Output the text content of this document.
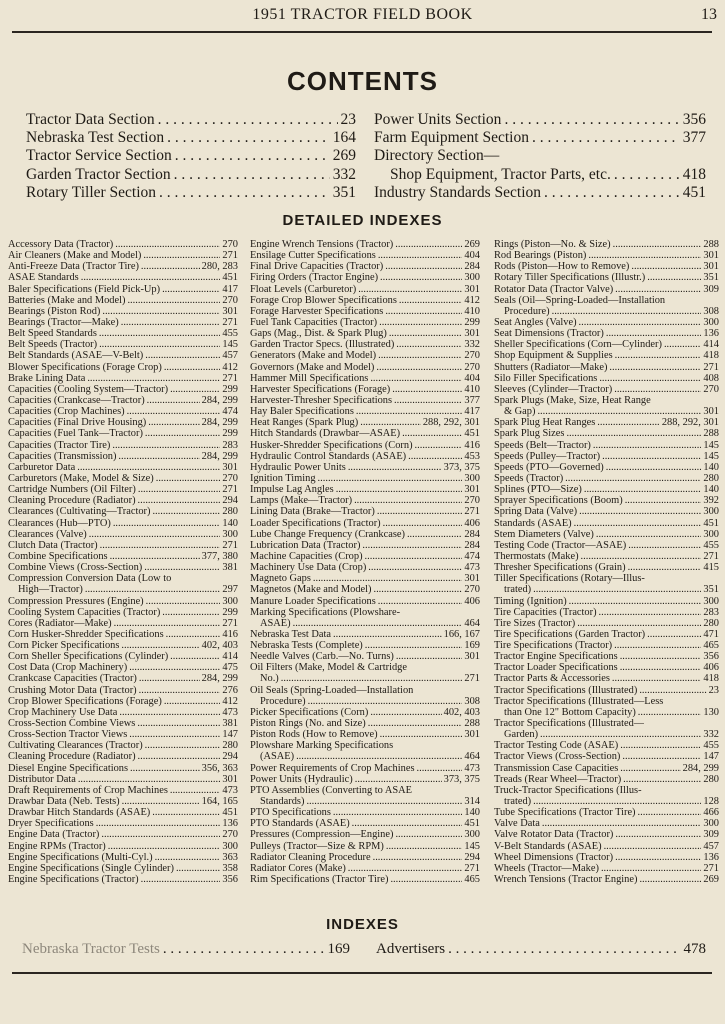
1951 TRACTOR FIELD BOOK	13
CONTENTS
Tractor Data Section . . .	23
Nebraska Test Section . . .	164
Tractor Service Section . . .	269
Garden Tractor Section . . .	332
Rotary Tiller Section . . .	351
Power Units Section . . .	356
Farm Equipment Section . . .	377
Directory Section—
Shop Equipment, Tractor Parts, etc. . . .	418
Industry Standards Section . . .	451
DETAILED INDEXES
Accessory Data (Tractor) .....	270
Air Cleaners (Make and Model) .....	271
Anti-Freeze Data (Tractor Tire) .....	280, 283
ASAE Standards .....	451
Baler Specifications (Field Pick-Up) .....	417
Batteries (Make and Model) .....	270
Bearings (Piston Rod) .....	301
Bearings (Tractor—Make) .....	271
Belt Speed Standards .....	455
Belt Speeds (Tractor) .....	145
Belt Standards (ASAE—V-Belt) .....	457
Blower Specifications (Forage Crop) .....	412
Brake Lining Data .....	271
Capacities (Cooling System—Tractor) .....	299
Capacities (Crankcase—Tractor) .....	284, 299
Capacities (Crop Machines) .....	474
Capacities (Final Drive Housing) .....	284, 299
Capacities (Fuel Tank—Tractor) .....	299
Capacities (Tractor Tire) .....	283
Capacities (Transmission) .....	284, 299
Carburetor Data .....	301
Carburetors (Make, Model & Size) .....	270
Cartridge Numbers (Oil Filter) .....	271
Cleaning Procedure (Radiator) .....	294
Clearances (Cultivating—Tractor) .....	280
Clearances (Hub—PTO) .....	140
Clearances (Valve) .....	300
Clutch Data (Tractor) .....	271
Combine Specifications .....	377, 380
Combine Views (Cross-Section) .....	381
Compression Conversion Data (Low to
High—Tractor) .....	297
Compression Pressures (Engine) .....	300
Cooling System Capacities (Tractor) .....	299
Cores (Radiator—Make) .....	271
Corn Husker-Shredder Specifications .....	416
Corn Picker Specifications .....	402, 403
Corn Sheller Specifications (Cylinder) .....	414
Cost Data (Crop Machinery) .....	475
Crankcase Capacities (Tractor) .....	284, 299
Crushing Motor Data (Tractor) .....	276
Crop Blower Specifications (Forage) .....	412
Crop Machinery Use Data .....	473
Cross-Section Combine Views .....	381
Cross-Section Tractor Views .....	147
Cultivating Clearances (Tractor) .....	280
Cleaning Procedure (Radiator) .....	294
Diesel Engine Specifications .....	356, 363
Distributor Data .....	301
Draft Requirements of Crop Machines .....	473
Drawbar Data (Neb. Tests) .....	164, 165
Drawbar Hitch Standards (ASAE) .....	451
Dryer Specifications .....	136
Engine Data (Tractor) .....	270
Engine RPMs (Tractor) .....	300
Engine Specifications (Multi-Cyl.) .....	363
Engine Specifications (Single Cylinder) .....	358
Engine Specifications (Tractor) .....	356
Engine Wrench Tensions (Tractor) .....	269
Ensilage Cutter Specifications .....	404
Final Drive Capacities (Tractor) .....	284
Firing Orders (Tractor Engine) .....	300
Float Levels (Carburetor) .....	301
Forage Crop Blower Specifications .....	412
Forage Harvester Specifications .....	410
Fuel Tank Capacities (Tractor) .....	299
Gaps (Mag., Dist. & Spark Plug) .....	301
Garden Tractor Specs. (Illustrated) .....	332
Generators (Make and Model) .....	270
Governors (Make and Model) .....	270
Hammer Mill Specifications .....	404
Harvester Specifications (Forage) .....	410
Harvester-Thresher Specifications .....	377
Hay Baler Specifications .....	417
Heat Ranges (Spark Plug) .....	288, 292, 301
Hitch Standards (Drawbar—ASAE) .....	451
Husker-Shredder Specifications (Corn) .....	416
Hydraulic Control Standards (ASAE) .....	453
Hydraulic Power Units .....	373, 375
Ignition Timing .....	300
Impulse Lag Angles .....	301
Lamps (Make—Tractor) .....	270
Lining Data (Brake—Tractor) .....	271
Loader Specifications (Tractor) .....	406
Lube Change Frequency (Crankcase) .....	284
Lubrication Data (Tractor) .....	284
Machine Capacities (Crop) .....	474
Machinery Use Data (Crop) .....	473
Magneto Gaps .....	301
Magnetos (Make and Model) .....	270
Manure Loader Specifications .....	406
Marking Specifications (Plowshare-
ASAE) .....	464
Nebraska Test Data .....	166, 167
Nebraska Tests (Complete) .....	169
Needle Valves (Carb.—No. Turns) .....	301
Oil Filters (Make, Model & Cartridge
No.) .....	271
Oil Seals (Spring-Loaded—Installation
Procedure) .....	308
Picker Specifications (Corn) .....	402, 403
Piston Rings (No. and Size) .....	288
Piston Rods (How to Remove) .....	301
Plowshare Marking Specifications
(ASAE) .....	464
Power Requirements of Crop Machines .....	473
Power Units (Hydraulic) .....	373, 375
PTO Assemblies (Converting to ASAE
Standards) .....	314
PTO Specifications .....	140
PTO Standards (ASAE) .....	451
Pressures (Compression—Engine) .....	300
Pulleys (Tractor—Size & RPM) .....	145
Radiator Cleaning Procedure .....	294
Radiator Cores (Make) .....	271
Rim Specifications (Tractor Tire) .....	465
Rings (Piston—No. & Size) .....	288
Rod Bearings (Piston) .....	301
Rods (Piston—How to Remove) .....	301
Rotary Tiller Specifications (Illustr.) .....	351
Rotator Data (Tractor Valve) .....	309
Seals (Oil—Spring-Loaded—Installation
Procedure) .....	308
Seat Angles (Valve) .....	300
Seat Dimensions (Tractor) .....	136
Sheller Specifications (Corn—Cylinder) .....	414
Shop Equipment & Supplies .....	418
Shutters (Radiator—Make) .....	271
Silo Filler Specifications .....	408
Sleeves (Cylinder—Tractor) .....	270
Spark Plugs (Make, Size, Heat Range
& Gap) .....	301
Spark Plug Heat Ranges .....	288, 292, 301
Spark Plug Sizes .....	288
Speeds (Belt—Tractor) .....	145
Speeds (Pulley—Tractor) .....	145
Speeds (PTO—Governed) .....	140
Speeds (Tractor) .....	280
Splines (PTO—Size) .....	140
Sprayer Specifications (Boom) .....	392
Spring Data (Valve) .....	300
Standards (ASAE) .....	451
Stem Diameters (Valve) .....	300
Testing Code (Tractor—ASAE) .....	455
Thermostats (Make) .....	271
Thresher Specifications (Grain) .....	415
Tiller Specifications (Rotary—Illus-
trated) .....	351
Timing (Ignition) .....	300
Tire Capacities (Tractor) .....	283
Tire Sizes (Tractor) .....	280
Tire Specifications (Garden Tractor) .....	471
Tire Specifications (Tractor) .....	465
Tractor Engine Specifications .....	356
Tractor Loader Specifications .....	406
Tractor Parts & Accessories .....	418
Tractor Specifications (Illustrated) .....	23
Tractor Specifications (Illustrated—Less
than One 12" Bottom Capacity) .....	130
Tractor Specifications (Illustrated—
Garden) .....	332
Tractor Testing Code (ASAE) .....	455
Tractor Views (Cross-Section) .....	147
Transmission Case Capacities .....	284, 299
Treads (Rear Wheel—Tractor) .....	280
Truck-Tractor Specifications (Illus-
trated) .....	128
Tube Specifications (Tractor Tire) .....	466
Valve Data .....	300
Valve Rotator Data (Tractor) .....	309
V-Belt Standards (ASAE) .....	457
Wheel Dimensions (Tractor) .....	136
Wheels (Tractor—Make) .....	271
Wrench Tensions (Tractor Engine) .....	269
INDEXES
Nebraska Tractor Tests . . .	169 Advertisers . . .	478
